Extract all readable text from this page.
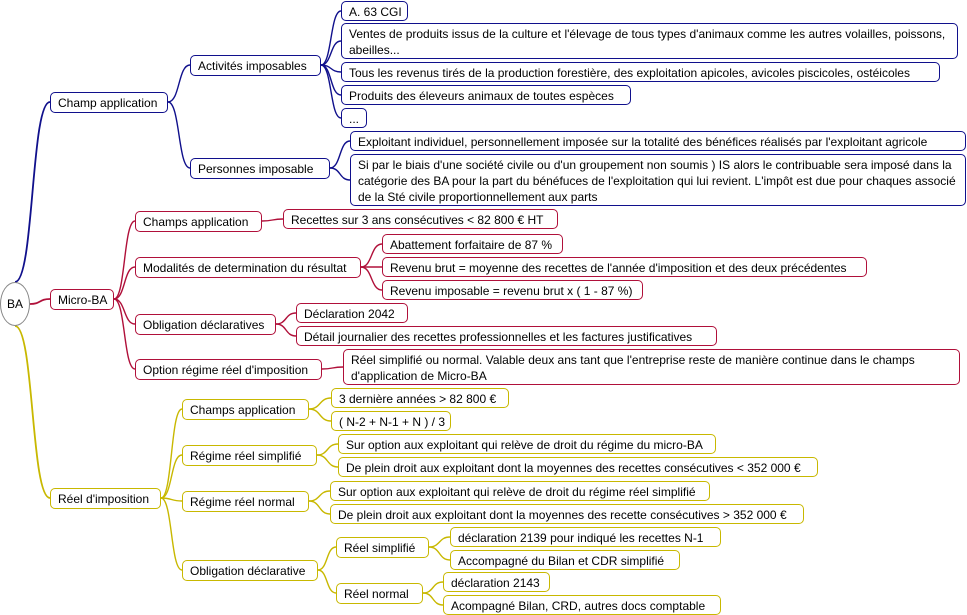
BA
Champ application
Activités imposables
A. 63 CGI
Ventes de produits issus de la culture et l'élevage de tous types d'animaux comme les autres volailles, poissons, abeilles...
Tous les revenus tirés de la production forestière, des exploitation apicoles, avicoles piscicoles, ostéicoles
Produits des éleveurs animaux de toutes espèces
...
Personnes imposable
Exploitant individuel, personnellement imposée sur la totalité des bénéfices réalisés par l'exploitant agricole
Si par le biais d'une société civile ou d'un groupement non soumis ) IS alors le contribuable sera imposé dans la catégorie des BA pour la part du bénéfuces de l'exploitation qui lui revient. L'impôt est due pour chaques associé de la Sté civile proportionnellement aux parts
Micro-BA
Champs application	Recettes sur 3 ans consécutives < 82 800 € HT
Modalités de determination du résultat
Abattement forfaitaire de 87 %
Revenu brut = moyenne des recettes de l'année d'imposition et des deux précédentes
Revenu imposable = revenu brut x ( 1 - 87 %)
Obligation déclaratives
Déclaration 2042
Détail journalier des recettes professionnelles et les factures justificatives
Option régime réel d'imposition
Réel simplifié ou normal. Valable deux ans tant que l'entreprise reste de manière continue dans le champs d'application de Micro-BA
Réel d'imposition
Champs application
3 dernière années > 82 800 €
( N-2 + N-1 + N ) / 3
Régime réel simplifié
Sur option aux exploitant qui relève de droit du régime du micro-BA
De plein droit aux exploitant dont la moyennes des recettes consécutives < 352 000 €
Régime réel normal
Sur option aux exploitant qui relève de droit du régime réel simplifié
De plein droit aux exploitant dont la moyennes des recette consécutives > 352 000 €
Obligation déclarative
Réel simplifié
déclaration 2139 pour indiqué les recettes N-1
Accompagné du Bilan et CDR simplifié
Réel normal
déclaration 2143
Acompagné Bilan, CRD, autres docs comptable
